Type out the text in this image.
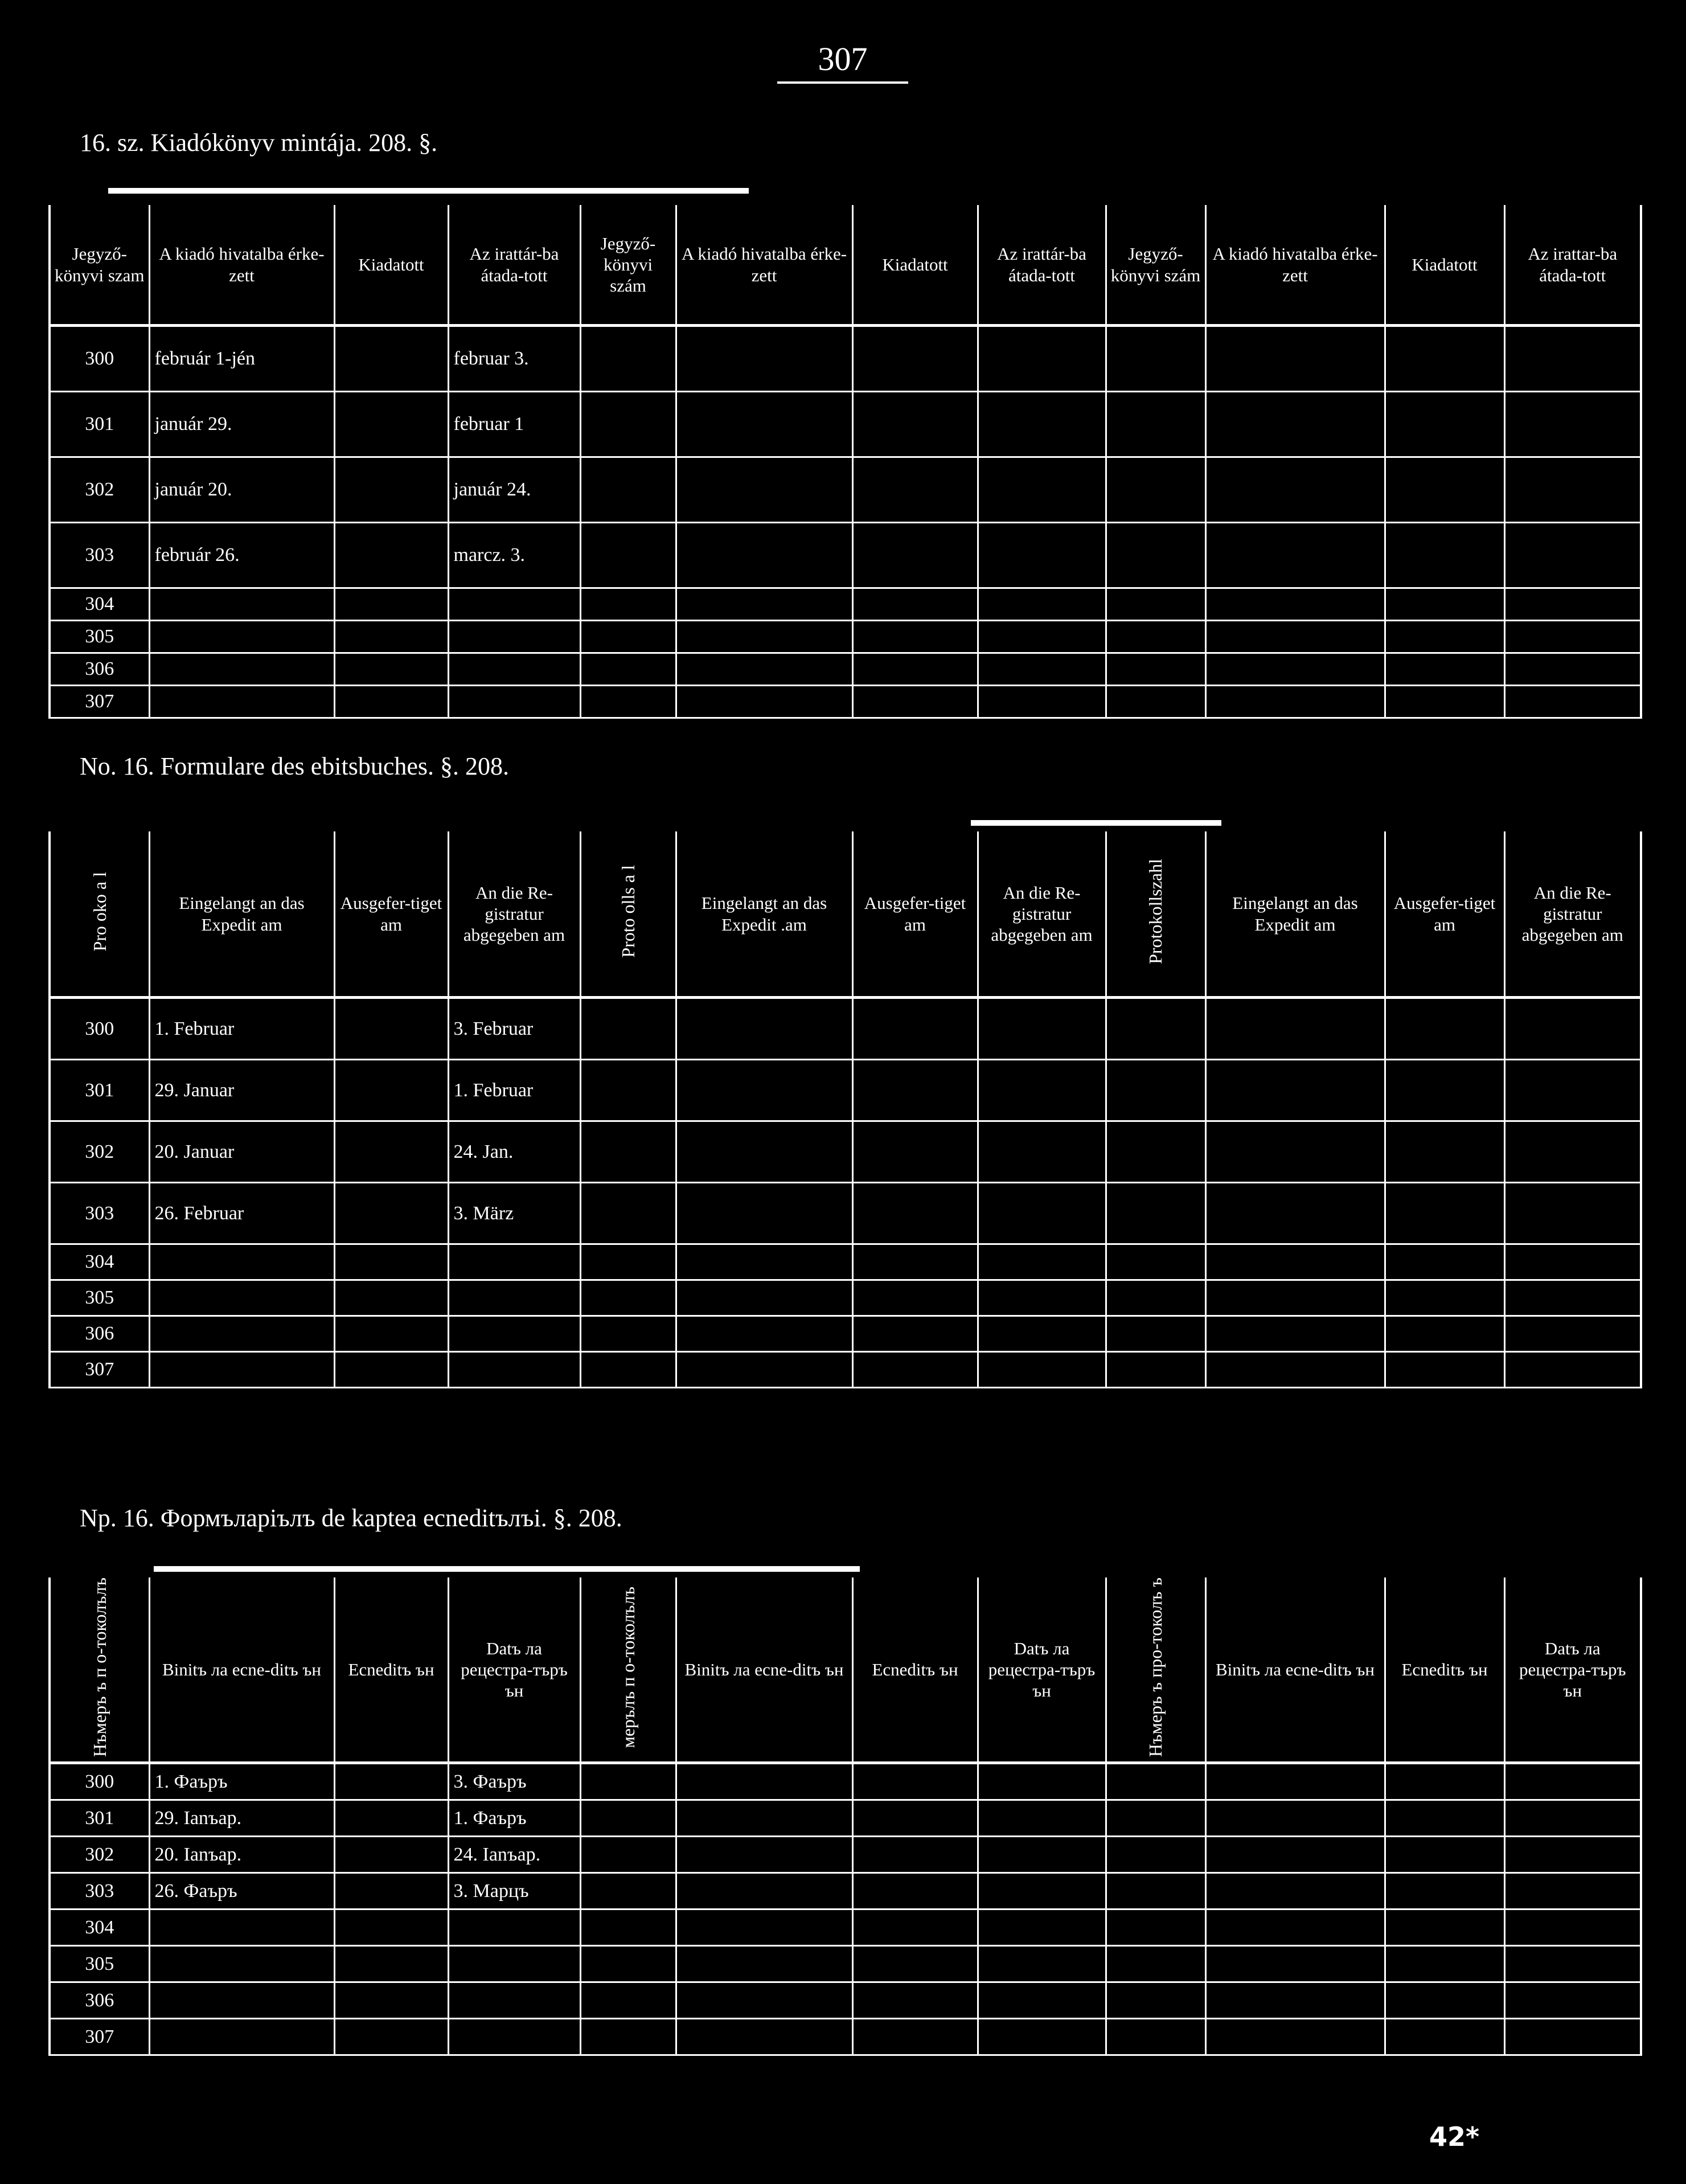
307
16. sz. Kiadókönyv mintája. 208. §.
Jegyző-könyvi szam	A kiadó hivatalba érke-zett	Kiadatott	Az irattár-ba átada-tott	Jegyző-könyvi szám	A kiadó hivatalba érke-zett	Kiadatott	Az irattár-ba átada-tott	Jegyző-könyvi szám	A kiadó hivatalba érke-zett	Kiadatott	Az irattar-ba átada-tott
300	február 1-jén		februar 3.								
301	január 29.		februar 1								
302	január 20.		január 24.								
303	február 26.		marcz. 3.								
304											
305											
306											
307											
No. 16. Formulare des ebitsbuches. §. 208.
Pro oko a l	Eingelangt an das Expedit am	Ausgefer-tiget am	An die Re-gistratur abgegeben am	Proto olls a l	Eingelangt an das Expedit .am	Ausgefer-tiget am	An die Re-gistratur abgegeben am	Protokollszahl	Eingelangt an das Expedit am	Ausgefer-tiget am	An die Re-gistratur abgegeben am
300	1. Februar		3. Februar								
301	29. Januar		1. Februar								
302	20. Januar		24. Jan.								
303	26. Februar		3. März								
304											
305											
306											
307											
Np. 16. Формълapiълъ de kaptea ecneditълъi. §. 208.
Нъмеpъ ъ п о-токолълъ	Binitъ ла ecne-ditъ ън	Ecneditъ ън	Datъ ла peцecтpa-търъ ън	меpълъ п о-токолълъ	Binitъ ла ecne-ditъ ън	Ecneditъ ън	Datъ ла peцecтpa-търъ ън	Нъмеpъ ъ про-токолъ ъ	Binitъ ла ecne-ditъ ън	Ecneditъ ън	Datъ ла peцecтpa-търъ ън
300	1. Фаъръ		3. Фаъръ								
301	29. Іаnъар.		1. Фаъръ								
302	20. Іаnъар.		24. Іаnъар.								
303	26. Фаъръ		3. Марцъ								
304											
305											
306											
307											
42*
